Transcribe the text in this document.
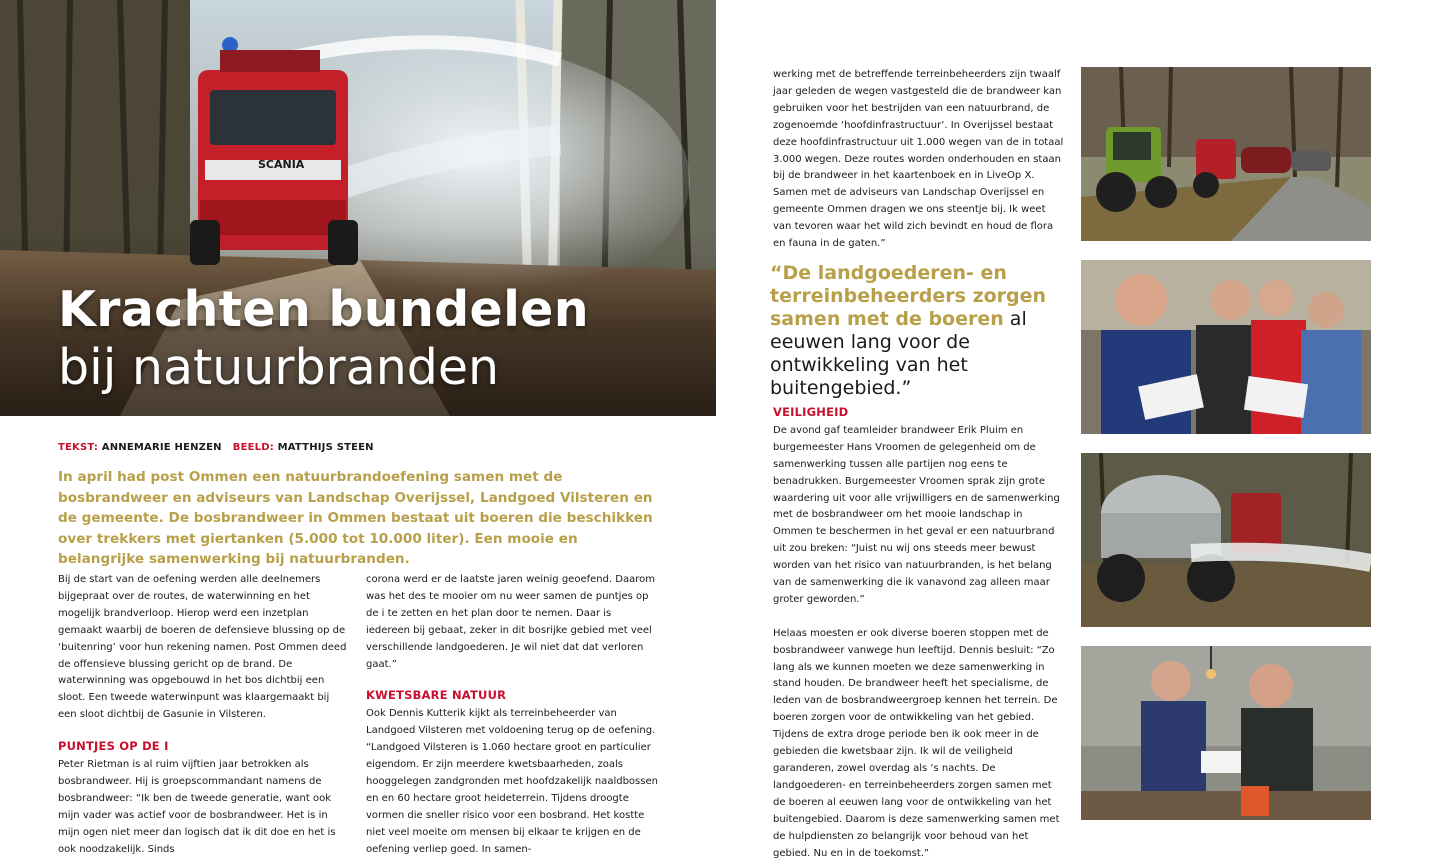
Krachten bundelen
bij natuurbranden
TEKST: ANNEMARIE HENZEN BEELD: MATTHIJS STEEN
In april had post Ommen een natuurbrandoefening samen met de bosbrandweer en adviseurs van Landschap Overijssel, Landgoed Vilsteren en de gemeente. De bosbrandweer in Ommen bestaat uit boeren die beschikken over trekkers met giertanken (5.000 tot 10.000 liter). Een mooie en belangrijke samenwerking bij natuurbranden.

Bij de start van de oefening werden alle deelnemers bijgepraat over de routes, de waterwinning en het mogelijk brandverloop. Hierop werd een inzetplan gemaakt waarbij de boeren de defensieve blussing op de ‘buitenring’ voor hun rekening namen. Post Ommen deed de offensieve blussing gericht op de brand. De waterwinning was opgebouwd in het bos dichtbij een sloot. Een tweede waterwinpunt was klaargemaakt bij een sloot dichtbij de Gasunie in Vilsteren.

PUNTJES OP DE I

Peter Rietman is al ruim vijftien jaar betrokken als bosbrandweer. Hij is groepscommandant namens de bosbrandweer: “Ik ben de tweede generatie, want ook mijn vader was actief voor de bosbrandweer. Het is in mijn ogen niet meer dan logisch dat ik dit doe en het is ook noodzakelijk. Sinds

corona werd er de laatste jaren weinig geoefend. Daarom was het des te mooier om nu weer samen de puntjes op de i te zetten en het plan door te nemen. Daar is iedereen bij gebaat, zeker in dit bosrijke gebied met veel verschillende landgoederen. Je wil niet dat dat verloren gaat.”

KWETSBARE NATUUR

Ook Dennis Kutterik kijkt als terreinbeheerder van Landgoed Vilsteren met voldoening terug op de oefening. “Landgoed Vilsteren is 1.060 hectare groot en particulier eigendom. Er zijn meerdere kwetsbaarheden, zoals hooggelegen zandgronden met hoofdzakelijk naaldbossen en en 60 hectare groot heideterrein. Tijdens droogte vormen die sneller risico voor een bosbrand. Het kostte niet veel moeite om mensen bij elkaar te krijgen en de oefening verliep goed. In samen-

werking met de betreffende terreinbeheerders zijn twaalf jaar geleden de wegen vastgesteld die de brandweer kan gebruiken voor het bestrijden van een natuurbrand, de zogenoemde ‘hoofdinfrastructuur’. In Overijssel bestaat deze hoofdinfrastructuur uit 1.000 wegen van de in totaal 3.000 wegen. Deze routes worden onderhouden en staan bij de brandweer in het kaartenboek en in LiveOp X. Samen met de adviseurs van Landschap Overijssel en gemeente Ommen dragen we ons steentje bij. Ik weet van tevoren waar het wild zich bevindt en houd de flora en fauna in de gaten.”

“De landgoederen- en terreinbeheerders zorgen samen met de boeren al eeuwen lang voor de ontwikkeling van het buitengebied.”
VEILIGHEID

De avond gaf teamleider brandweer Erik Pluim en burgemeester Hans Vroomen de gelegenheid om de samenwerking tussen alle partijen nog eens te benadrukken. Burgemeester Vroomen sprak zijn grote waardering uit voor alle vrijwilligers en de samenwerking met de bosbrandweer om het mooie landschap in Ommen te beschermen in het geval er een natuurbrand uit zou breken: “Juist nu wij ons steeds meer bewust worden van het risico van natuurbranden, is het belang van de samenwerking die ik vanavond zag alleen maar groter geworden.”

Helaas moesten er ook diverse boeren stoppen met de bosbrandweer vanwege hun leeftijd. Dennis besluit: “Zo lang als we kunnen moeten we deze samenwerking in stand houden. De brandweer heeft het specialisme, de leden van de bosbrandweergroep kennen het terrein. De boeren zorgen voor de ontwikkeling van het gebied. Tijdens de extra droge periode ben ik ook meer in de gebieden die kwetsbaar zijn. Ik wil de veiligheid garanderen, zowel overdag als ‘s nachts. De landgoederen- en terreinbeheerders zorgen samen met de boeren al eeuwen lang voor de ontwikkeling van het buitengebied. Daarom is deze samenwerking samen met de hulpdiensten zo belangrijk voor behoud van het gebied. Nu en in de toekomst.”
